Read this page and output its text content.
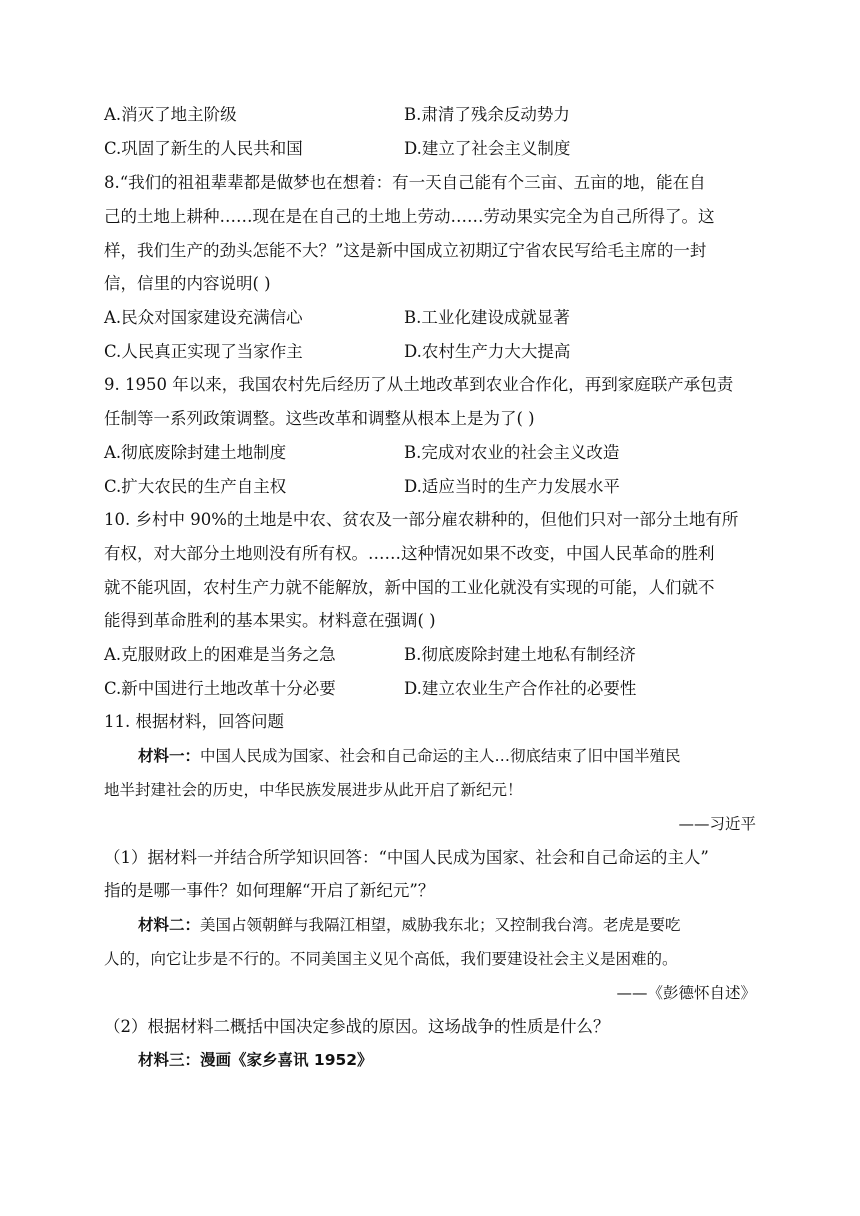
A.消灭了地主阶级	B.肃清了残余反动势力
C.巩固了新生的人民共和国	D.建立了社会主义制度
8.“我们的祖祖辈辈都是做梦也在想着：有一天自己能有个三亩、五亩的地，能在自
己的土地上耕种……现在是在自己的土地上劳动……劳动果实完全为自己所得了。这
样，我们生产的劲头怎能不大？”这是新中国成立初期辽宁省农民写给毛主席的一封
信，信里的内容说明( )
A.民众对国家建设充满信心	B.工业化建设成就显著
C.人民真正实现了当家作主	D.农村生产力大大提高
9. 1950 年以来，我国农村先后经历了从土地改革到农业合作化，再到家庭联产承包责
任制等一系列政策调整。这些改革和调整从根本上是为了( )
A.彻底废除封建土地制度	B.完成对农业的社会主义改造
C.扩大农民的生产自主权	D.适应当时的生产力发展水平
10. 乡村中 90%的土地是中农、贫农及一部分雇农耕种的，但他们只对一部分土地有所
有权，对大部分土地则没有所有权。……这种情况如果不改变，中国人民革命的胜利
就不能巩固，农村生产力就不能解放，新中国的工业化就没有实现的可能，人们就不
能得到革命胜利的基本果实。材料意在强调( )
A.克服财政上的困难是当务之急	B.彻底废除封建土地私有制经济
C.新中国进行土地改革十分必要	D.建立农业生产合作社的必要性
11. 根据材料，回答问题
材料一：中国人民成为国家、社会和自己命运的主人…彻底结束了旧中国半殖民
地半封建社会的历史，中华民族发展进步从此开启了新纪元！
——习近平
（1）据材料一并结合所学知识回答：“中国人民成为国家、社会和自己命运的主人”
指的是哪一事件？如何理解“开启了新纪元”？
材料二：美国占领朝鲜与我隔江相望，威胁我东北；又控制我台湾。老虎是要吃
人的，向它让步是不行的。不同美国主义见个高低，我们要建设社会主义是困难的。
——《彭德怀自述》
（2）根据材料二概括中国决定参战的原因。这场战争的性质是什么？
材料三：漫画《家乡喜讯 1952》
